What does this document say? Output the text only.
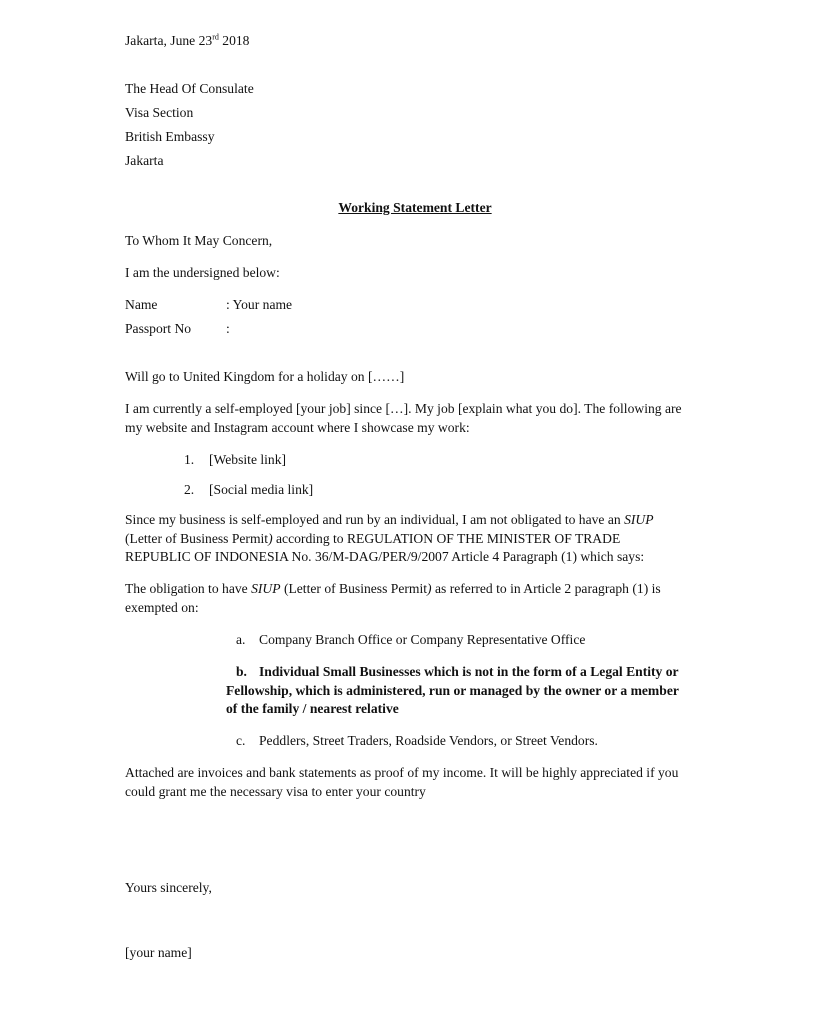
Jakarta, June 23rd 2018
The Head Of Consulate
Visa Section
British Embassy
Jakarta
Working Statement Letter
To Whom It May Concern,
I am the undersigned below:
Name	: Your name
Passport No	:
Will go to United Kingdom for a holiday on [……]
I am currently a self-employed [your job] since […]. My job [explain what you do]. The following are
my website and Instagram account where I showcase my work:
1. [Website link]
2. [Social media link]
Since my business is self-employed and run by an individual, I am not obligated to have an SIUP
(Letter of Business Permit) according to REGULATION OF THE MINISTER OF TRADE
REPUBLIC OF INDONESIA No. 36/M-DAG/PER/9/2007 Article 4 Paragraph (1) which says:
The obligation to have SIUP (Letter of Business Permit) as referred to in Article 2 paragraph (1) is
exempted on:
a. Company Branch Office or Company Representative Office
b. Individual Small Businesses which is not in the form of a Legal Entity or
Fellowship, which is administered, run or managed by the owner or a member
of the family / nearest relative
c. Peddlers, Street Traders, Roadside Vendors, or Street Vendors.
Attached are invoices and bank statements as proof of my income. It will be highly appreciated if you
could grant me the necessary visa to enter your country
Yours sincerely,
[your name]
